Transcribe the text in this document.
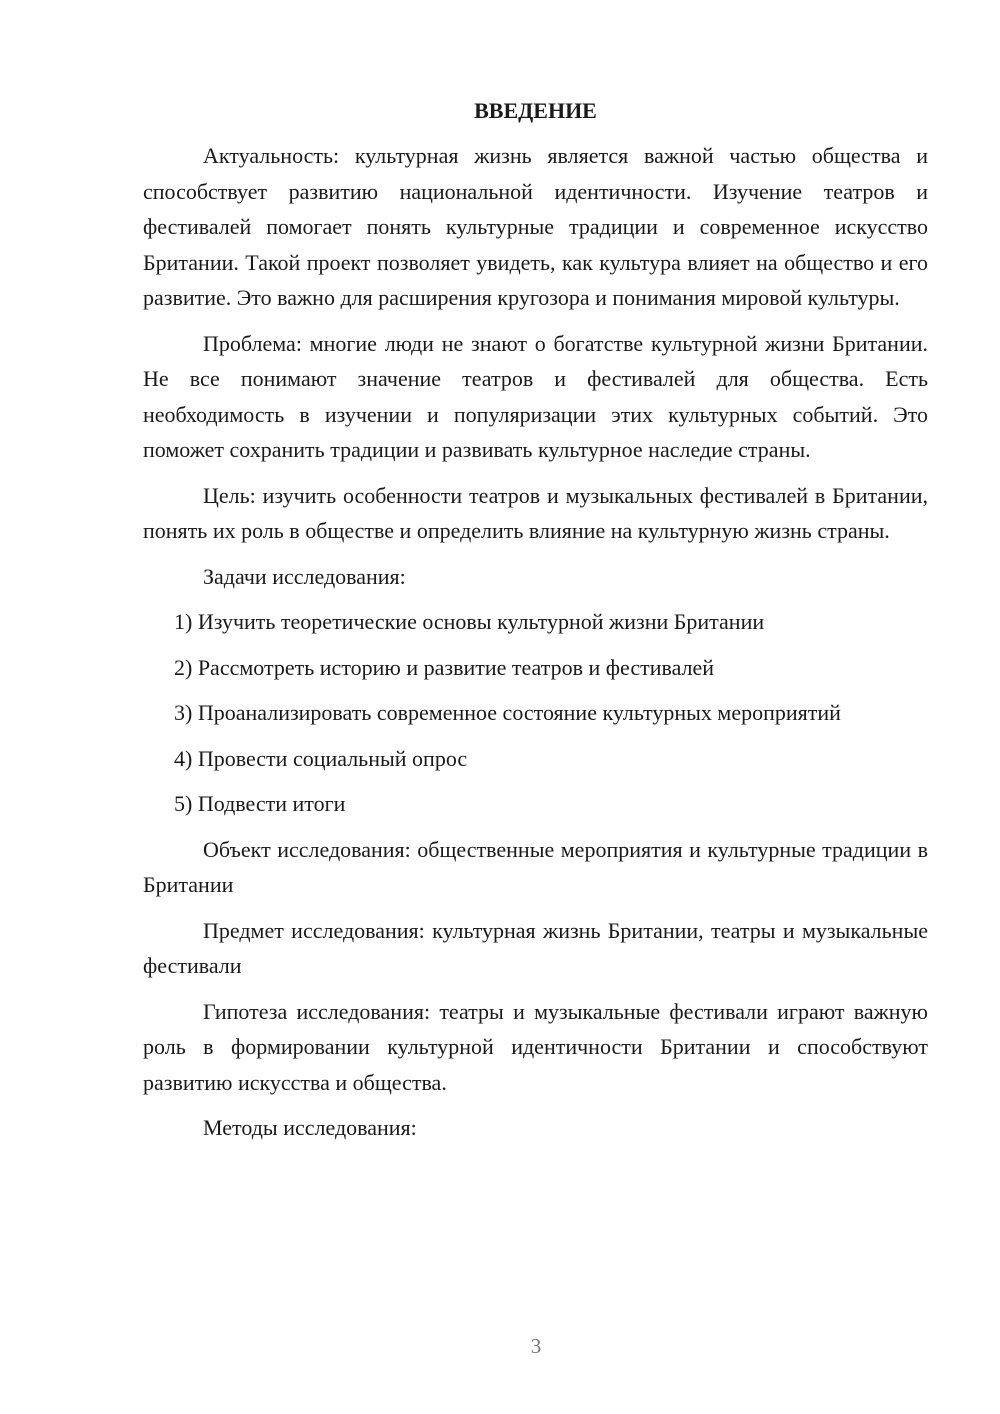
ВВЕДЕНИЕ

Актуальность: культурная жизнь является важной частью общества и способствует развитию национальной идентичности. Изучение театров и фестивалей помогает понять культурные традиции и современное искусство Британии. Такой проект позволяет увидеть, как культура влияет на общество и его развитие. Это важно для расширения кругозора и понимания мировой культуры.

Проблема: многие люди не знают о богатстве культурной жизни Британии. Не все понимают значение театров и фестивалей для общества. Есть необходимость в изучении и популяризации этих культурных событий. Это поможет сохранить традиции и развивать культурное наследие страны.

Цель: изучить особенности театров и музыкальных фестивалей в Британии, понять их роль в обществе и определить влияние на культурную жизнь страны.

Задачи исследования:

1) Изучить теоретические основы культурной жизни Британии

2) Рассмотреть историю и развитие театров и фестивалей

3) Проанализировать современное состояние культурных мероприятий

4) Провести социальный опрос

5) Подвести итоги

Объект исследования: общественные мероприятия и культурные традиции в Британии

Предмет исследования: культурная жизнь Британии, театры и музыкальные фестивали

Гипотеза исследования: театры и музыкальные фестивали играют важную роль в формировании культурной идентичности Британии и способствуют развитию искусства и общества.

Методы исследования:

3
